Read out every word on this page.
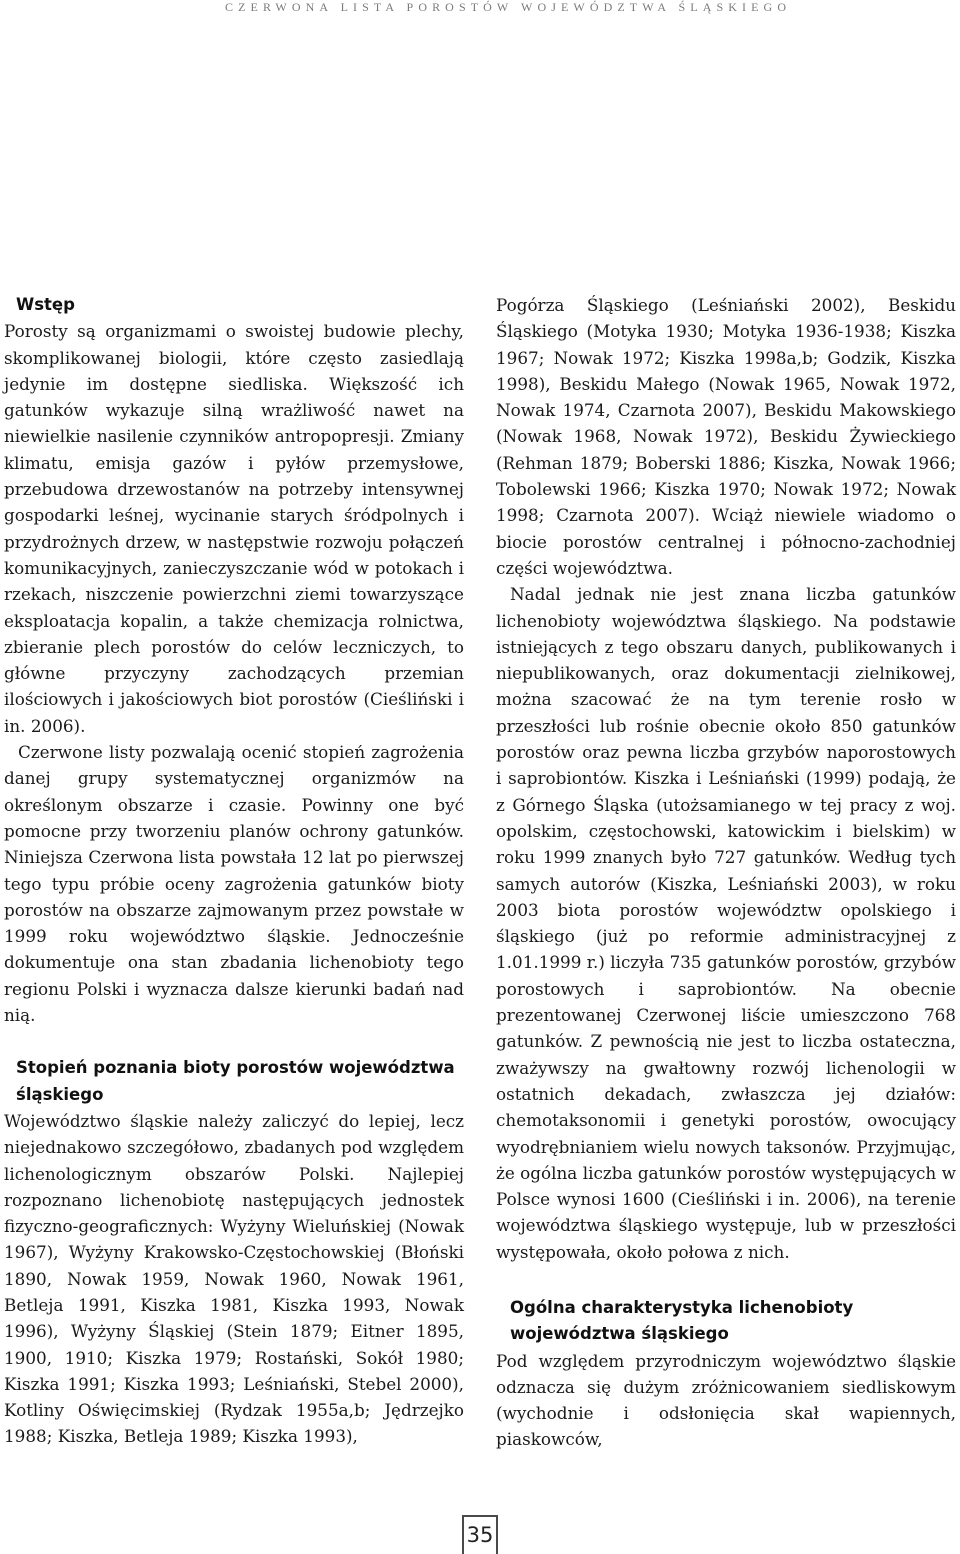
CZERWONA LISTA POROSTÓW WOJEWÓDZTWA ŚLĄSKIEGO
Wstęp

Porosty są organizmami o swoistej budowie plechy, skomplikowanej biologii, które często zasiedlają jedynie im dostępne siedliska. Większość ich gatunków wykazuje silną wrażliwość nawet na niewielkie nasilenie czynników antropopresji. Zmiany klimatu, emisja gazów i pyłów przemysłowe, przebudowa drzewostanów na potrzeby intensywnej gospodarki leśnej, wycinanie starych śródpolnych i przydrożnych drzew, w następstwie rozwoju połączeń komunikacyjnych, zanieczyszczanie wód w potokach i rzekach, niszczenie powierzchni ziemi towarzyszące eksploatacja kopalin, a także chemizacja rolnictwa, zbieranie plech porostów do celów leczniczych, to główne przyczyny zachodzących przemian ilościowych i jakościowych biot porostów (Cieśliński i in. 2006).

Czerwone listy pozwalają ocenić stopień zagrożenia danej grupy systematycznej organizmów na określonym obszarze i czasie. Powinny one być pomocne przy tworzeniu planów ochrony gatunków. Niniejsza Czerwona lista powstała 12 lat po pierwszej tego typu próbie oceny zagrożenia gatunków bioty porostów na obszarze zajmowanym przez powstałe w 1999 roku województwo śląskie. Jednocześnie dokumentuje ona stan zbadania lichenobioty tego regionu Polski i wyznacza dalsze kierunki badań nad nią.

Stopień poznania bioty porostów województwa śląskiego

Województwo śląskie należy zaliczyć do lepiej, lecz niejednakowo szczegółowo, zbadanych pod względem lichenologicznym obszarów Polski. Najlepiej rozpoznano lichenobiotę następujących jednostek fizyczno-geograficznych: Wyżyny Wieluńskiej (Nowak 1967), Wyżyny Krakowsko-Częstochowskiej (Błoński 1890, Nowak 1959, Nowak 1960, Nowak 1961, Betleja 1991, Kiszka 1981, Kiszka 1993, Nowak 1996), Wyżyny Śląskiej (Stein 1879; Eitner 1895, 1900, 1910; Kiszka 1979; Rostański, Sokół 1980; Kiszka 1991; Kiszka 1993; Leśniański, Stebel 2000), Kotliny Oświęcimskiej (Rydzak 1955a,b; Jędrzejko 1988; Kiszka, Betleja 1989; Kiszka 1993),

Pogórza Śląskiego (Leśniański 2002), Beskidu Śląskiego (Motyka 1930; Motyka 1936-1938; Kiszka 1967; Nowak 1972; Kiszka 1998a,b; Godzik, Kiszka 1998), Beskidu Małego (Nowak 1965, Nowak 1972, Nowak 1974, Czarnota 2007), Beskidu Makowskiego (Nowak 1968, Nowak 1972), Beskidu Żywieckiego (Rehman 1879; Boberski 1886; Kiszka, Nowak 1966; Tobolewski 1966; Kiszka 1970; Nowak 1972; Nowak 1998; Czarnota 2007). Wciąż niewiele wiadomo o biocie porostów centralnej i północno-zachodniej części województwa.

Nadal jednak nie jest znana liczba gatunków lichenobioty województwa śląskiego. Na podstawie istniejących z tego obszaru danych, publikowanych i niepublikowanych, oraz dokumentacji zielnikowej, można szacować że na tym terenie rosło w przeszłości lub rośnie obecnie około 850 gatunków porostów oraz pewna liczba grzybów naporostowych i saprobiontów. Kiszka i Leśniański (1999) podają, że z Górnego Śląska (utożsamianego w tej pracy z woj. opolskim, częstochowski, katowickim i bielskim) w roku 1999 znanych było 727 gatunków. Według tych samych autorów (Kiszka, Leśniański 2003), w roku 2003 biota porostów województw opolskiego i śląskiego (już po reformie administracyjnej z 1.01.1999 r.) liczyła 735 gatunków porostów, grzybów porostowych i saprobiontów. Na obecnie prezentowanej Czerwonej liście umieszczono 768 gatunków. Z pewnością nie jest to liczba ostateczna, zważywszy na gwałtowny rozwój lichenologii w ostatnich dekadach, zwłaszcza jej działów: chemotaksonomii i genetyki porostów, owocujący wyodrębnianiem wielu nowych taksonów. Przyjmując, że ogólna liczba gatunków porostów występujących w Polsce wynosi 1600 (Cieśliński i in. 2006), na terenie województwa śląskiego występuje, lub w przeszłości występowała, około połowa z nich.

Ogólna charakterystyka lichenobioty województwa śląskiego

Pod względem przyrodniczym województwo śląskie odznacza się dużym zróżnicowaniem siedliskowym (wychodnie i odsłonięcia skał wapiennych, piaskowców,

35
